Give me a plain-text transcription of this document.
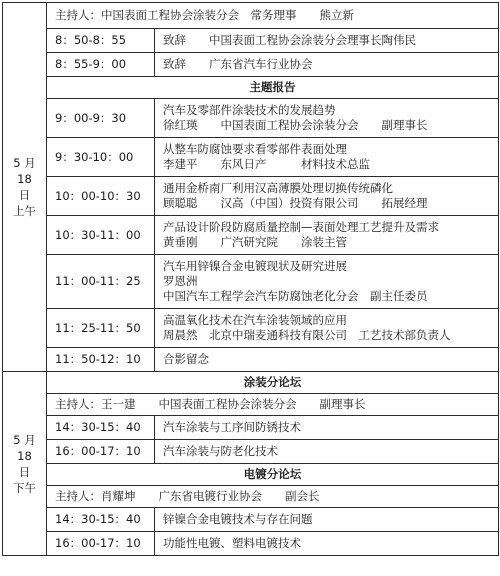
5 月 18 日
上午	主持人：中国表面工程协会涂装分会　常务理事　　熊立新	
	8：50-8：55	致辞　　中国表面工程协会涂装分会理事长陶伟民

	8：55-9：00	致辞　　广东省汽车行业协会

	主题报告	
	9：00-9：30	汽车及零部件涂装技术的发展趋势
徐红瑛　　中国表面工程协会涂装分会　　副理事长

	9：30-10：00	从整车防腐蚀要求看零部件表面处理
李建平　　东风日产　　　材料技术总监

	10：00-10：30	通用金桥南厂利用汉高薄膜处理切换传统磷化
顾聪聪　　汉高（中国）投资有限公司　　拓展经理

	10：30-11：00	产品设计阶段防腐质量控制—表面处理工艺提升及需求
黄垂刚　　广汽研究院　　涂装主管

	11：00-11：25	汽车用锌镍合金电镀现状及研究进展
罗恩洲
中国汽车工程学会汽车防腐蚀老化分会　副主任委员

	11：25-11：50	高温氧化技术在汽车涂装领域的应用
周晨然　北京中瑞麦通科技有限公司　工艺技术部负责人

	11：50-12：10	合影留念

5 月 18 日
下午	涂装分论坛	
	主持人：王一建　　中国表面工程协会涂装分会　　副理事长	
	14：30-15：40	汽车涂装与工序间防锈技术

	16：00-17：10	汽车涂装与防老化技术

	电镀分论坛	
	主持人：肖耀坤　　广东省电镀行业协会　　副会长	
	14：30-15：40	锌镍合金电镀技术与存在问题

	16：00-17：10	功能性电镀、塑料电镀技术
